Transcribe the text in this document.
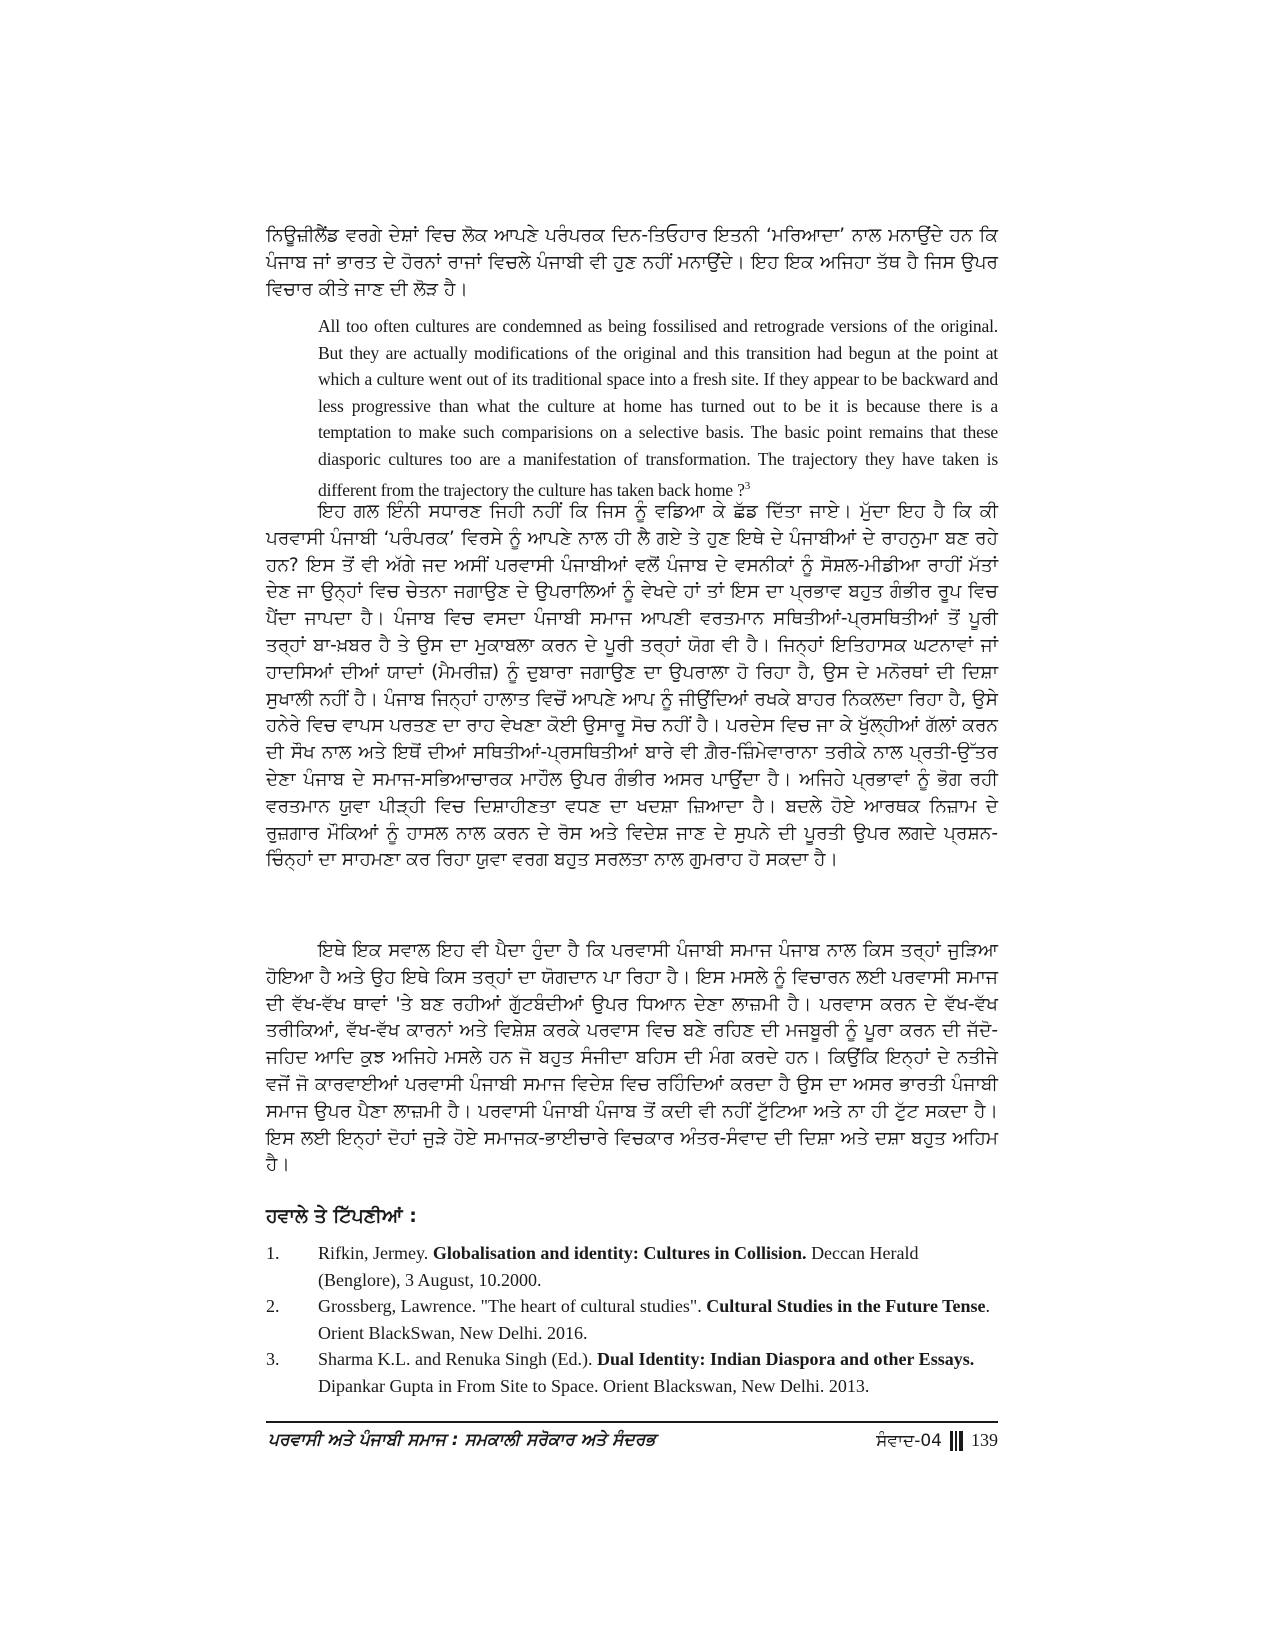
ਨਿਊਜ਼ੀਲੈਂਡ ਵਰਗੇ ਦੇਸ਼ਾਂ ਵਿਚ ਲੋਕ ਆਪਣੇ ਪਰੰਪਰਕ ਦਿਨ-ਤਿਓਹਾਰ ਇਤਨੀ ‘ਮਰਿਆਦਾ’ ਨਾਲ ਮਨਾਉਂਦੇ ਹਨ ਕਿ ਪੰਜਾਬ ਜਾਂ ਭਾਰਤ ਦੇ ਹੋਰਨਾਂ ਰਾਜਾਂ ਵਿਚਲੇ ਪੰਜਾਬੀ ਵੀ ਹੁਣ ਨਹੀਂ ਮਨਾਉਂਦੇ। ਇਹ ਇਕ ਅਜਿਹਾ ਤੱਥ ਹੈ ਜਿਸ ਉਪਰ ਵਿਚਾਰ ਕੀਤੇ ਜਾਣ ਦੀ ਲੋੜ ਹੈ।

All too often cultures are condemned as being fossilised and retrograde versions of the original. But they are actually modifications of the original and this transition had begun at the point at which a culture went out of its traditional space into a fresh site. If they appear to be backward and less progressive than what the culture at home has turned out to be it is because there is a temptation to make such comparisions on a selective basis. The basic point remains that these diasporic cultures too are a manifestation of transformation. The trajectory they have taken is different from the trajectory the culture has taken back home ?$^3$

ਇਹ ਗਲ ਇੰਨੀ ਸਧਾਰਣ ਜਿਹੀ ਨਹੀਂ ਕਿ ਜਿਸ ਨੂੰ ਵਡਿਆ ਕੇ ਛੱਡ ਦਿੱਤਾ ਜਾਏ। ਮੁੱਦਾ ਇਹ ਹੈ ਕਿ ਕੀ ਪਰਵਾਸੀ ਪੰਜਾਬੀ ‘ਪਰੰਪਰਕ’ ਵਿਰਸੇ ਨੂੰ ਆਪਣੇ ਨਾਲ ਹੀ ਲੈ ਗਏ ਤੇ ਹੁਣ ਇਥੇ ਦੇ ਪੰਜਾਬੀਆਂ ਦੇ ਰਾਹਨੁਮਾ ਬਣ ਰਹੇ ਹਨ? ਇਸ ਤੋਂ ਵੀ ਅੱਗੇ ਜਦ ਅਸੀਂ ਪਰਵਾਸੀ ਪੰਜਾਬੀਆਂ ਵਲੋਂ ਪੰਜਾਬ ਦੇ ਵਸਨੀਕਾਂ ਨੂੰ ਸੋਸ਼ਲ-ਮੀਡੀਆ ਰਾਹੀਂ ਮੱਤਾਂ ਦੇਣ ਜਾ ਉਨ੍ਹਾਂ ਵਿਚ ਚੇਤਨਾ ਜਗਾਉਣ ਦੇ ਉਪਰਾਲਿਆਂ ਨੂੰ ਵੇਖਦੇ ਹਾਂ ਤਾਂ ਇਸ ਦਾ ਪ੍ਰਭਾਵ ਬਹੁਤ ਗੰਭੀਰ ਰੂਪ ਵਿਚ ਪੈਂਦਾ ਜਾਪਦਾ ਹੈ। ਪੰਜਾਬ ਵਿਚ ਵਸਦਾ ਪੰਜਾਬੀ ਸਮਾਜ ਆਪਣੀ ਵਰਤਮਾਨ ਸਥਿਤੀਆਂ-ਪ੍ਰਸਥਿਤੀਆਂ ਤੋਂ ਪੂਰੀ ਤਰ੍ਹਾਂ ਬਾ-ਖ਼ਬਰ ਹੈ ਤੇ ਉਸ ਦਾ ਮੁਕਾਬਲਾ ਕਰਨ ਦੇ ਪੂਰੀ ਤਰ੍ਹਾਂ ਯੋਗ ਵੀ ਹੈ। ਜਿਨ੍ਹਾਂ ਇਤਿਹਾਸਕ ਘਟਨਾਵਾਂ ਜਾਂ ਹਾਦਸਿਆਂ ਦੀਆਂ ਯਾਦਾਂ (ਮੈਮਰੀਜ਼) ਨੂੰ ਦੁਬਾਰਾ ਜਗਾਉਣ ਦਾ ਉਪਰਾਲਾ ਹੋ ਰਿਹਾ ਹੈ, ਉਸ ਦੇ ਮਨੋਰਥਾਂ ਦੀ ਦਿਸ਼ਾ ਸੁਖਾਲੀ ਨਹੀਂ ਹੈ। ਪੰਜਾਬ ਜਿਨ੍ਹਾਂ ਹਾਲਾਤ ਵਿਚੋਂ ਆਪਣੇ ਆਪ ਨੂੰ ਜੀਉਂਦਿਆਂ ਰਖਕੇ ਬਾਹਰ ਨਿਕਲਦਾ ਰਿਹਾ ਹੈ, ਉਸੇ ਹਨੇਰੇ ਵਿਚ ਵਾਪਸ ਪਰਤਣ ਦਾ ਰਾਹ ਵੇਖਣਾ ਕੋਈ ਉਸਾਰੂ ਸੋਚ ਨਹੀਂ ਹੈ। ਪਰਦੇਸ ਵਿਚ ਜਾ ਕੇ ਖੁੱਲ੍ਹੀਆਂ ਗੱਲਾਂ ਕਰਨ ਦੀ ਸੌਖ ਨਾਲ ਅਤੇ ਇਥੋਂ ਦੀਆਂ ਸਥਿਤੀਆਂ-ਪ੍ਰਸਥਿਤੀਆਂ ਬਾਰੇ ਵੀ ਗ਼ੈਰ-ਜ਼ਿੰਮੇਵਾਰਾਨਾ ਤਰੀਕੇ ਨਾਲ ਪ੍ਰਤੀ-ਉੱਤਰ ਦੇਣਾ ਪੰਜਾਬ ਦੇ ਸਮਾਜ-ਸਭਿਆਚਾਰਕ ਮਾਹੌਲ ਉਪਰ ਗੰਭੀਰ ਅਸਰ ਪਾਉਂਦਾ ਹੈ। ਅਜਿਹੇ ਪ੍ਰਭਾਵਾਂ ਨੂੰ ਭੋਗ ਰਹੀ ਵਰਤਮਾਨ ਯੁਵਾ ਪੀੜ੍ਹੀ ਵਿਚ ਦਿਸ਼ਾਹੀਣਤਾ ਵਧਣ ਦਾ ਖਦਸ਼ਾ ਜ਼ਿਆਦਾ ਹੈ। ਬਦਲੇ ਹੋਏ ਆਰਥਕ ਨਿਜ਼ਾਮ ਦੇ ਰੁਜ਼ਗਾਰ ਮੌਕਿਆਂ ਨੂੰ ਹਾਸਲ ਨਾਲ ਕਰਨ ਦੇ ਰੋਸ ਅਤੇ ਵਿਦੇਸ਼ ਜਾਣ ਦੇ ਸੁਪਨੇ ਦੀ ਪੂਰਤੀ ਉਪਰ ਲਗਦੇ ਪ੍ਰਸ਼ਨ-ਚਿੰਨ੍ਹਾਂ ਦਾ ਸਾਹਮਣਾ ਕਰ ਰਿਹਾ ਯੁਵਾ ਵਰਗ ਬਹੁਤ ਸਰਲਤਾ ਨਾਲ ਗੁਮਰਾਹ ਹੋ ਸਕਦਾ ਹੈ।

ਇਥੇ ਇਕ ਸਵਾਲ ਇਹ ਵੀ ਪੈਦਾ ਹੁੰਦਾ ਹੈ ਕਿ ਪਰਵਾਸੀ ਪੰਜਾਬੀ ਸਮਾਜ ਪੰਜਾਬ ਨਾਲ ਕਿਸ ਤਰ੍ਹਾਂ ਜੁੜਿਆ ਹੋਇਆ ਹੈ ਅਤੇ ਉਹ ਇਥੇ ਕਿਸ ਤਰ੍ਹਾਂ ਦਾ ਯੋਗਦਾਨ ਪਾ ਰਿਹਾ ਹੈ। ਇਸ ਮਸਲੇ ਨੂੰ ਵਿਚਾਰਨ ਲਈ ਪਰਵਾਸੀ ਸਮਾਜ ਦੀ ਵੱਖ-ਵੱਖ ਥਾਵਾਂ 'ਤੇ ਬਣ ਰਹੀਆਂ ਗੁੱਟਬੰਦੀਆਂ ਉਪਰ ਧਿਆਨ ਦੇਣਾ ਲਾਜ਼ਮੀ ਹੈ। ਪਰਵਾਸ ਕਰਨ ਦੇ ਵੱਖ-ਵੱਖ ਤਰੀਕਿਆਂ, ਵੱਖ-ਵੱਖ ਕਾਰਨਾਂ ਅਤੇ ਵਿਸ਼ੇਸ਼ ਕਰਕੇ ਪਰਵਾਸ ਵਿਚ ਬਣੇ ਰਹਿਣ ਦੀ ਮਜਬੂਰੀ ਨੂੰ ਪੂਰਾ ਕਰਨ ਦੀ ਜੱਦੋ-ਜਹਿਦ ਆਦਿ ਕੁਝ ਅਜਿਹੇ ਮਸਲੇ ਹਨ ਜੋ ਬਹੁਤ ਸੰਜੀਦਾ ਬਹਿਸ ਦੀ ਮੰਗ ਕਰਦੇ ਹਨ। ਕਿਉਂਕਿ ਇਨ੍ਹਾਂ ਦੇ ਨਤੀਜੇ ਵਜੋਂ ਜੋ ਕਾਰਵਾਈਆਂ ਪਰਵਾਸੀ ਪੰਜਾਬੀ ਸਮਾਜ ਵਿਦੇਸ਼ ਵਿਚ ਰਹਿੰਦਿਆਂ ਕਰਦਾ ਹੈ ਉਸ ਦਾ ਅਸਰ ਭਾਰਤੀ ਪੰਜਾਬੀ ਸਮਾਜ ਉਪਰ ਪੈਣਾ ਲਾਜ਼ਮੀ ਹੈ। ਪਰਵਾਸੀ ਪੰਜਾਬੀ ਪੰਜਾਬ ਤੋਂ ਕਦੀ ਵੀ ਨਹੀਂ ਟੁੱਟਿਆ ਅਤੇ ਨਾ ਹੀ ਟੁੱਟ ਸਕਦਾ ਹੈ। ਇਸ ਲਈ ਇਨ੍ਹਾਂ ਦੋਹਾਂ ਜੁੜੇ ਹੋਏ ਸਮਾਜਕ-ਭਾਈਚਾਰੇ ਵਿਚਕਾਰ ਅੰਤਰ-ਸੰਵਾਦ ਦੀ ਦਿਸ਼ਾ ਅਤੇ ਦਸ਼ਾ ਬਹੁਤ ਅਹਿਮ ਹੈ।

ਹਵਾਲੇ ਤੇ ਟਿੱਪਣੀਆਂ :
1. Rifkin, Jermey. Globalisation and identity: Cultures in Collision. Deccan Herald (Benglore), 3 August, 10.2000.
2. Grossberg, Lawrence. "The heart of cultural studies". Cultural Studies in the Future Tense. Orient BlackSwan, New Delhi. 2016.
3. Sharma K.L. and Renuka Singh (Ed.). Dual Identity: Indian Diaspora and other Essays. Dipankar Gupta in From Site to Space. Orient Blackswan, New Delhi. 2013.
ਪਰਵਾਸੀ ਅਤੇ ਪੰਜਾਬੀ ਸਮਾਜ : ਸਮਕਾਲੀ ਸਰੋਕਾਰ ਅਤੇ ਸੰਦਰਭ	ਸੰਵਾਦ-04 139
